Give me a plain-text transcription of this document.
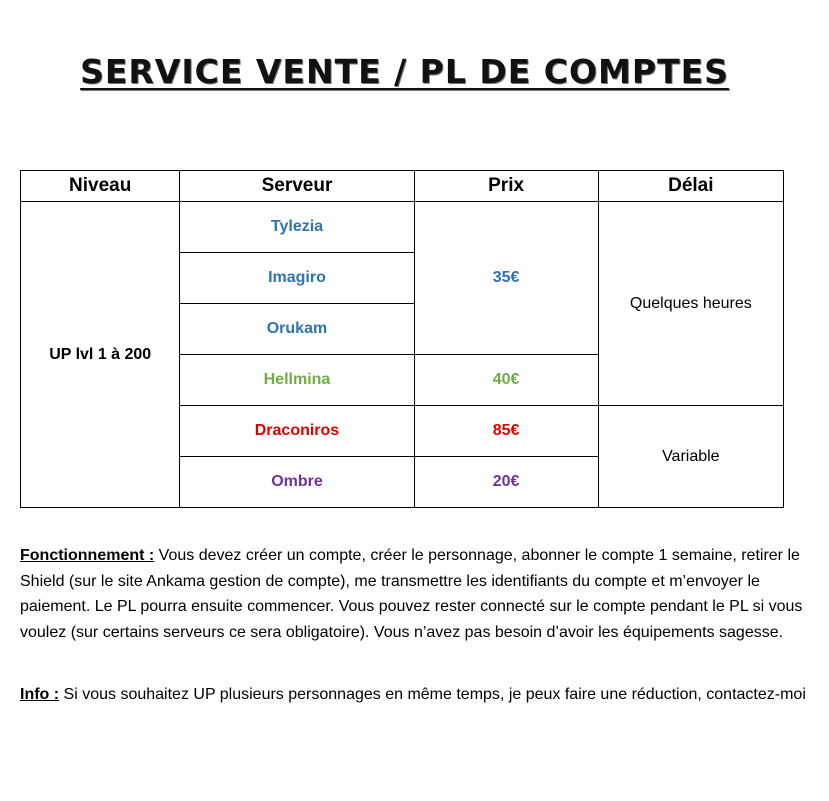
SERVICE VENTE / PL DE COMPTES
Niveau	Serveur	Prix	Délai
UP lvl 1 à 200	Tylezia	35€	Quelques heures
	Imagiro		
	Orukam		
	Hellmina	40€	
	Draconiros	85€	Variable
	Ombre	20€	
Fonctionnement : Vous devez créer un compte, créer le personnage, abonner le compte 1 semaine, retirer le Shield (sur le site Ankama gestion de compte), me transmettre les identifiants du compte et m’envoyer le paiement. Le PL pourra ensuite commencer. Vous pouvez rester connecté sur le compte pendant le PL si vous voulez (sur certains serveurs ce sera obligatoire). Vous n’avez pas besoin d’avoir les équipements sagesse.
Info : Si vous souhaitez UP plusieurs personnages en même temps, je peux faire une réduction, contactez-moi
